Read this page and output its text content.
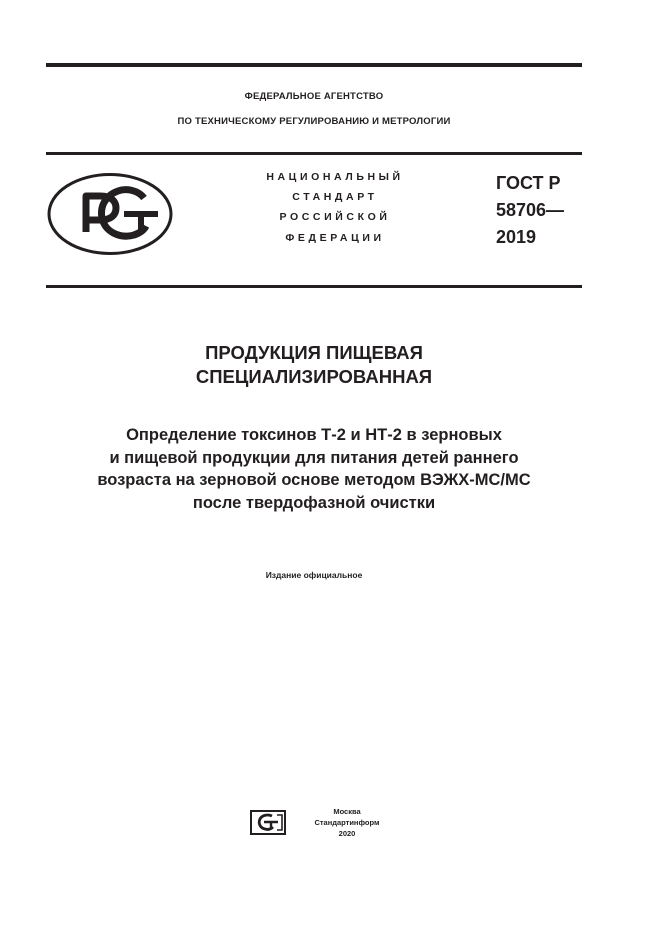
ФЕДЕРАЛЬНОЕ АГЕНТСТВО
ПО ТЕХНИЧЕСКОМУ РЕГУЛИРОВАНИЮ И МЕТРОЛОГИИ
НАЦИОНАЛЬНЫЙ
СТАНДАРТ
РОССИЙСКОЙ
ФЕДЕРАЦИИ
ГОСТ Р
58706—
2019
ПРОДУКЦИЯ ПИЩЕВАЯ
СПЕЦИАЛИЗИРОВАННАЯ
Определение токсинов Т-2 и НТ-2 в зерновых
и пищевой продукции для питания детей раннего
возраста на зерновой основе методом ВЭЖХ-МС/МС
после твердофазной очистки
Издание официальное
Москва
Стандартинформ
2020
